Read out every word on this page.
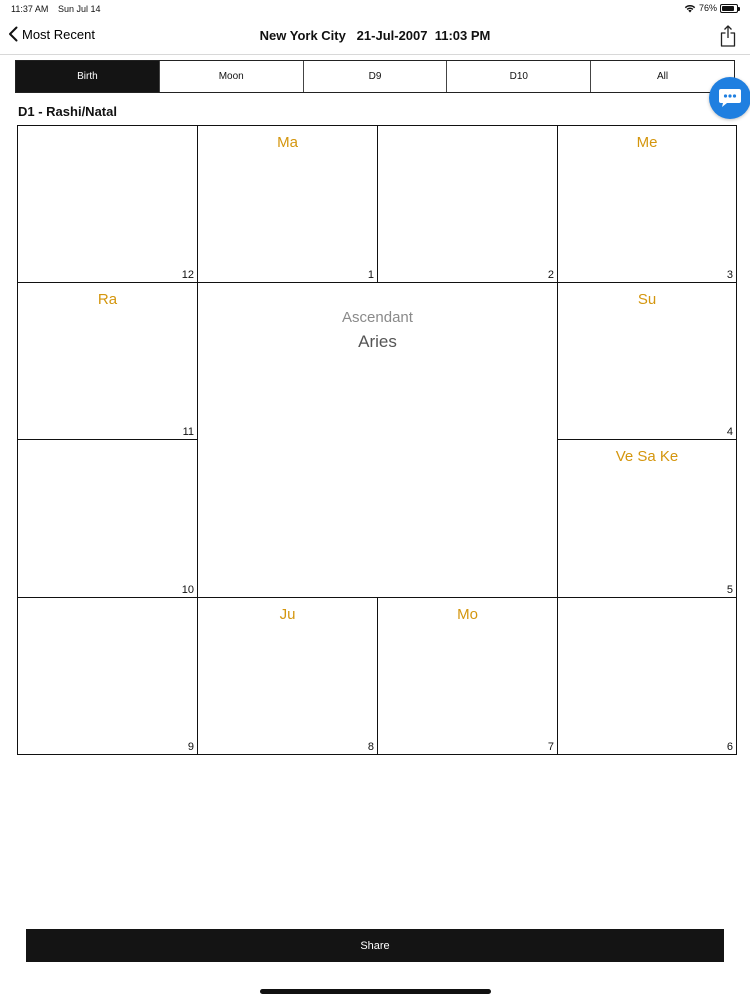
11:37 AM Sun Jul 14	76%
Most Recent	New York City   21-Jul-2007  11:03 PM
Birth	Moon	D9	D10	All
D1 - Rashi/Natal
12
Ma
1	2
Me
3
Ra
11
10
Ascendant
Aries
Su
4
Ve Sa Ke
5
9
Ju
8
Mo
7	6
Share
